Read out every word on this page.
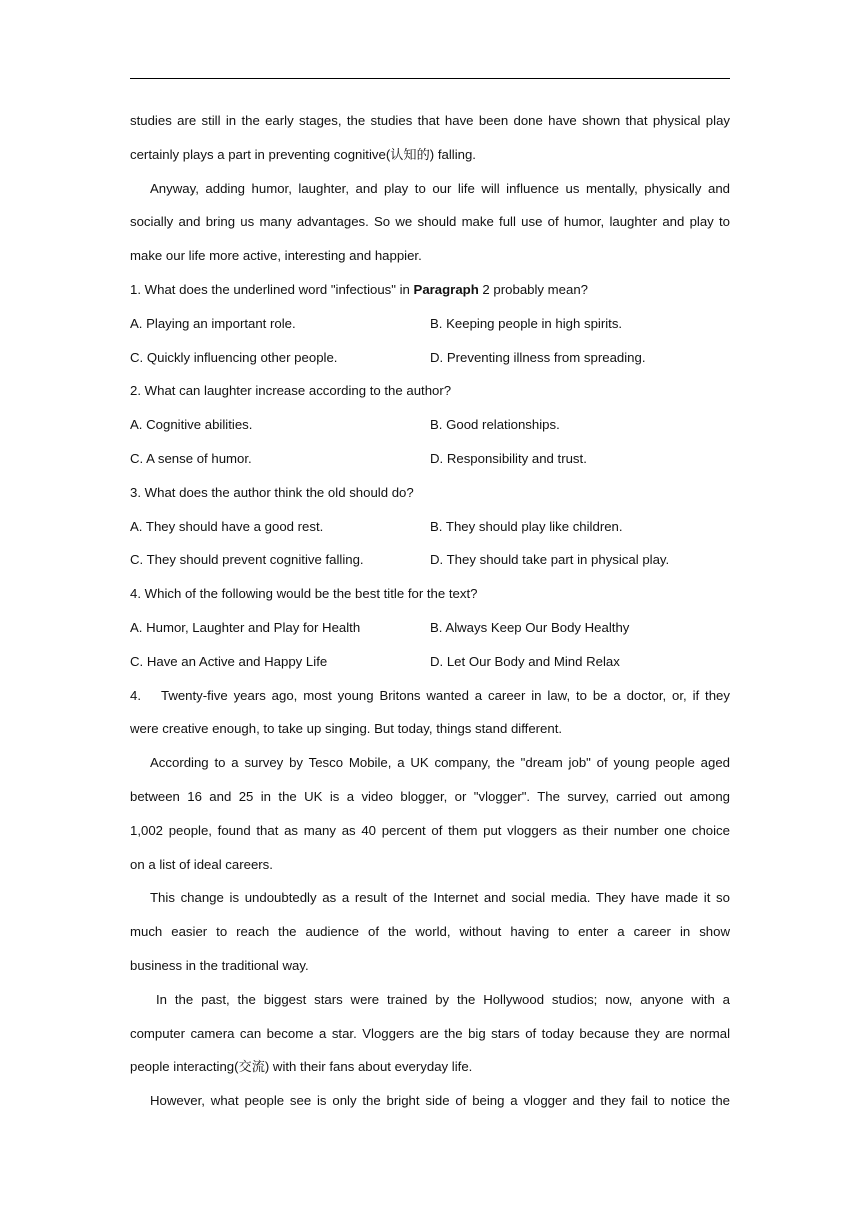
studies are still in the early stages, the studies that have been done have shown that physical play
certainly plays a part in preventing cognitive(认知的) falling.
Anyway, adding humor, laughter, and play to our life will influence us mentally, physically and
socially and bring us many advantages. So we should make full use of humor, laughter and play to
make our life more active, interesting and happier.
1. What does the underlined word "infectious" in Paragraph 2 probably mean?
A. Playing an important role.	B. Keeping people in high spirits.
C. Quickly influencing other people.	D. Preventing illness from spreading.
2. What can laughter increase according to the author?
A. Cognitive abilities.	B. Good relationships.
C. A sense of humor.	D. Responsibility and trust.
3. What does the author think the old should do?
A. They should have a good rest.	B. They should play like children.
C. They should prevent cognitive falling.	D. They should take part in physical play.
4. Which of the following would be the best title for the text?
A. Humor, Laughter and Play for Health	B. Always Keep Our Body Healthy
C. Have an Active and Happy Life	D. Let Our Body and Mind Relax
4.	Twenty-five years ago, most young Britons wanted a career in law, to be a doctor, or, if they
were creative enough, to take up singing. But today, things stand different.
According to a survey by Tesco Mobile, a UK company, the "dream job" of young people aged
between 16 and 25 in the UK is a video blogger, or "vlogger". The survey, carried out among
1,002 people, found that as many as 40 percent of them put vloggers as their number one choice
on a list of ideal careers.
This change is undoubtedly as a result of the Internet and social media. They have made it so
much easier to reach the audience of the world, without having to enter a career in show
business in the traditional way.
In the past, the biggest stars were trained by the Hollywood studios; now, anyone with a
computer camera can become a star. Vloggers are the big stars of today because they are normal
people interacting(交流) with their fans about everyday life.
However, what people see is only the bright side of being a vlogger and they fail to notice the
